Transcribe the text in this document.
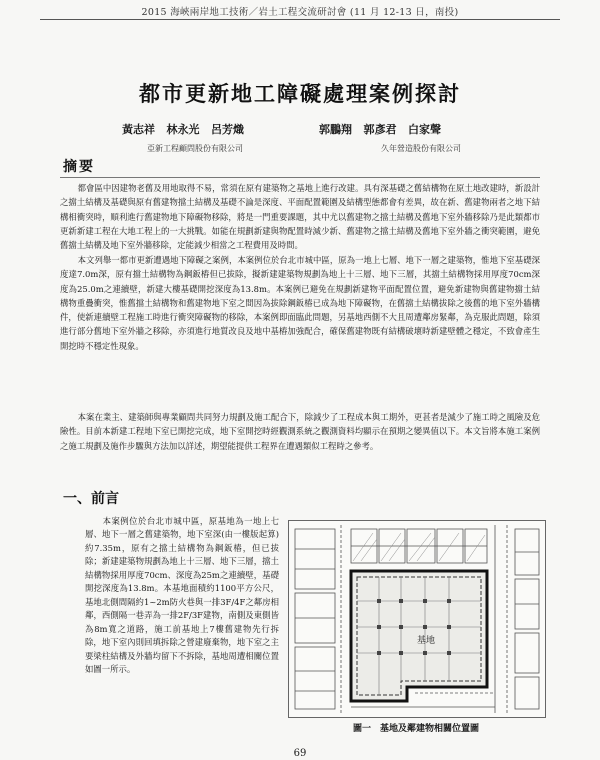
2015 海峽兩岸地工技術／岩土工程交流研討會 (11 月 12-13 日，南投)
都市更新地工障礙處理案例探討
黃志祥 林永光 呂芳熾	郭鵬翔 郭彥君 白家聲
亞新工程顧問股份有限公司	久年營造股份有限公司
摘要
都會區中因建物老舊及用地取得不易，常須在原有建築物之基地上進行改建。具有深基礎之舊結構物在原土地改建時，新設計之擋土結構及基礎與原有舊建物擋土結構及基礎不論是深度、平面配置範圍及結構型態都會有差異，故在新、舊建物兩者之地下結構相衝突時，順利進行舊建物地下障礙物移除，將是一門重要課題，其中尤以舊建物之擋土結構及舊地下室外牆移除乃是此類都市更新新建工程在大地工程上的一大挑戰。如能在規劃新建與物配置時減少新、舊建物之擋土結構及舊地下室外牆之衝突範圍，避免舊擋土結構及地下室外牆移除，定能減少相當之工程費用及時間。
本文列舉一都市更新遭遇地下障礙之案例，本案例位於台北市城中區，原為一地上七層、地下一層之建築物，惟地下室基礎深度達7.0m深，原有擋土結構物為鋼鈑樁但已拔除，擬新建建築物規劃為地上十三層、地下三層，其擋土結構物採用厚度70cm深度為25.0m之連續壁，新建大樓基礎開挖深度為13.8m。本案例已避免在規劃新建物平面配置位置，避免新建物與舊建物擋土結構物重疊衝突，惟舊擋土結構物和舊建物地下室之間因為拔除鋼鈑樁已成為地下障礙物，在舊擋土結構拔除之後舊的地下室外牆構件，使新連續壁工程施工時進行衝突障礙物的移除，本案例即面臨此問題，另基地西側不大且周遭鄰房緊鄰，為克服此問題，除須進行部分舊地下室外牆之移除，亦須進行地質改良及地中基樁加強配合，確保舊建物既有結構破壞時新建壁體之穩定，不致會產生開挖時不穩定性現象。
本案在業主、建築師與專業顧問共同努力規劃及施工配合下，除減少了工程成本與工期外，更甚者是減少了施工時之風險及危險性。目前本新建工程地下室已開挖完成，地下室開挖時經觀測系統之觀測資料均顯示在預期之變異值以下。本文旨將本施工案例之施工規劃及施作步驟與方法加以詳述，期望能提供工程界在遭遇類似工程時之參考。
一、前言
本案例位於台北市城中區，原基地為一地上七層、地下一層之舊建築物，地下室深(由一樓版起算)約7.35m，原有之擋土結構物為鋼鈑樁，但已拔除；新建建築物規劃為地上十三層、地下三層，擋土結構物採用厚度70cm、深度為25m之連續壁，基礎開挖深度為13.8m。本基地面積約1100平方公尺，基地北側間隔約1~2m防火巷與一排3F/4F之鄰房相鄰，西側隔一巷弄為一排2F/3F建物，南側及東側皆為8m寬之道路，施工前基地上7樓舊建物先行拆除，地下室內則回填拆除之營建廢棄物，地下室之主要梁柱結構及外牆均留下不拆除，基地周遭相關位置如圖一所示。
基地
圖一　基地及鄰建物相關位置圖
69
